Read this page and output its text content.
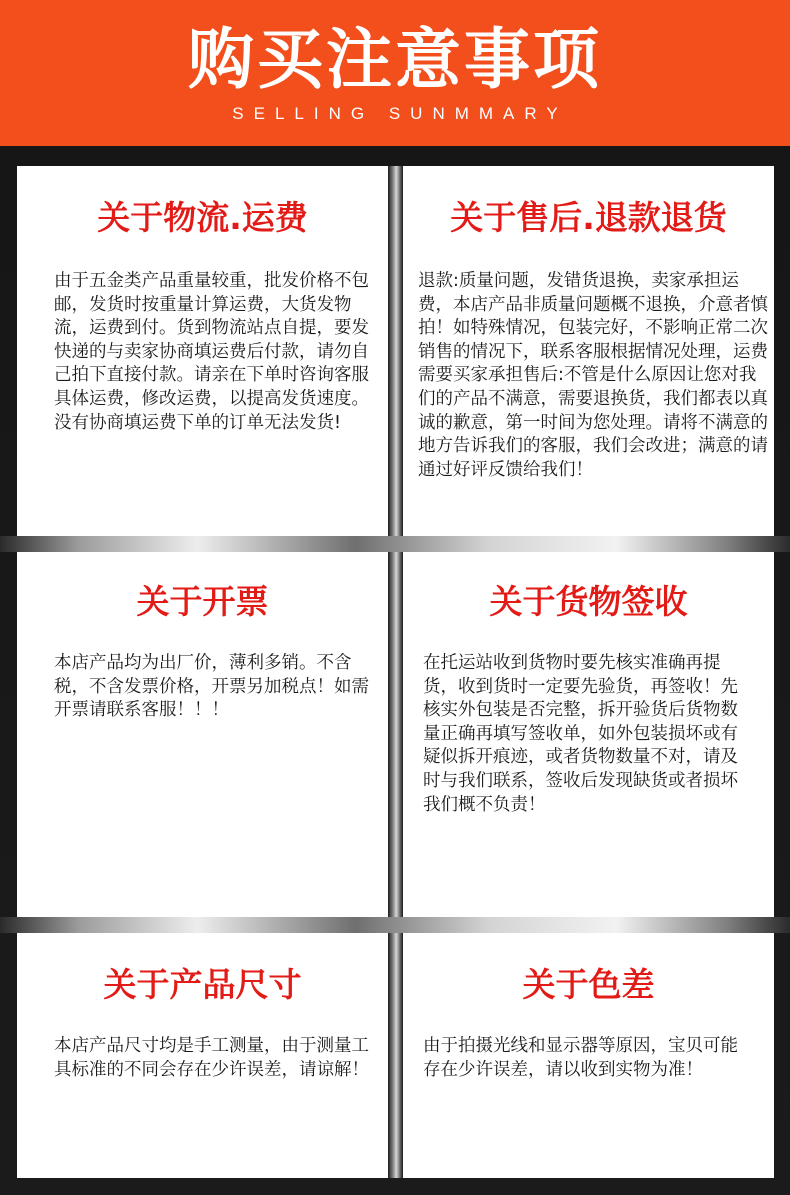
购买注意事项
SELLING SUNMMARY
关于物流.运费
由于五金类产品重量较重，批发价格不包邮，发货时按重量计算运费，大货发物流，运费到付。货到物流站点自提，要发快递的与卖家协商填运费后付款，请勿自己拍下直接付款。请亲在下单时咨询客服具体运费，修改运费，以提高发货速度。没有协商填运费下单的订单无法发货!
关于售后.退款退货
退款:质量问题，发错货退换，卖家承担运费，本店产品非质量问题概不退换，介意者慎拍！如特殊情况，包装完好，不影响正常二次销售的情况下，联系客服根据情况处理，运费需要买家承担售后:不管是什么原因让您对我们的产品不满意，需要退换货，我们都表以真诚的歉意，第一时间为您处理。请将不满意的地方告诉我们的客服，我们会改进；满意的请通过好评反馈给我们！
关于开票
本店产品均为出厂价，薄利多销。不含税，不含发票价格，开票另加税点！如需开票请联系客服！！！
关于货物签收
在托运站收到货物时要先核实准确再提货，收到货时一定要先验货，再签收！先核实外包装是否完整，拆开验货后货物数量正确再填写签收单，如外包装损坏或有疑似拆开痕迹，或者货物数量不对，请及时与我们联系，签收后发现缺货或者损坏我们概不负责！
关于产品尺寸
本店产品尺寸均是手工测量，由于测量工具标准的不同会存在少许误差，请谅解！
关于色差
由于拍摄光线和显示器等原因，宝贝可能存在少许误差，请以收到实物为准！
